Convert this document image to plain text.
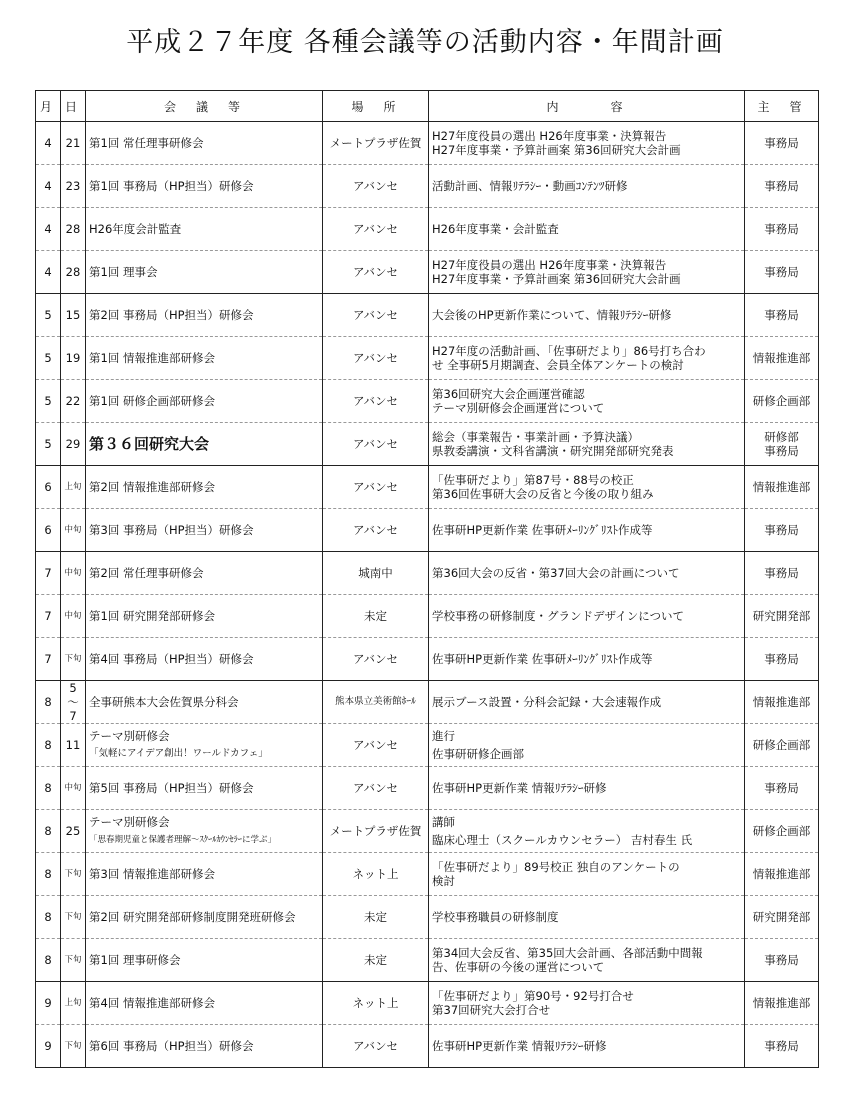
平成２７年度 各種会議等の活動内容・年間計画
月	日	会　議　等	場　所	内　　　容	主　管
4	21	第1回 常任理事研修会	メートプラザ佐賀	H27年度役員の選出 H26年度事業・決算報告
H27年度事業・予算計画案 第36回研究大会計画	事務局
4	23	第1回 事務局（HP担当）研修会	アバンセ	活動計画、情報ﾘﾃﾗｼｰ・動画ｺﾝﾃﾝﾂ研修	事務局
4	28	H26年度会計監査	アバンセ	H26年度事業・会計監査	事務局
4	28	第1回 理事会	アバンセ	H27年度役員の選出 H26年度事業・決算報告
H27年度事業・予算計画案 第36回研究大会計画	事務局
5	15	第2回 事務局（HP担当）研修会	アバンセ	大会後のHP更新作業について、情報ﾘﾃﾗｼｰ研修	事務局
5	19	第1回 情報推進部研修会	アバンセ	H27年度の活動計画、「佐事研だより」86号打ち合わ
せ 全事研5月期調査、会員全体アンケートの検討	情報推進部
5	22	第1回 研修企画部研修会	アバンセ	第36回研究大会企画運営確認
テーマ別研修会企画運営について	研修企画部
5	29	第３６回研究大会	アバンセ	総会（事業報告・事業計画・予算決議）
県教委講演・文科省講演・研究開発部研究発表	研修部
事務局

6	上旬	第2回 情報推進部研修会	アバンセ	「佐事研だより」第87号・88号の校正
第36回佐事研大会の反省と今後の取り組み	情報推進部
6	中旬	第3回 事務局（HP担当）研修会	アバンセ	佐事研HP更新作業 佐事研ﾒｰﾘﾝｸﾞﾘｽﾄ作成等	事務局
7	中旬	第2回 常任理事研修会	城南中	第36回大会の反省・第37回大会の計画について	事務局
7	中旬	第1回 研究開発部研修会	未定	学校事務の研修制度・グランドデザインについて	研究開発部
7	下旬	第4回 事務局（HP担当）研修会	アバンセ	佐事研HP更新作業 佐事研ﾒｰﾘﾝｸﾞﾘｽﾄ作成等	事務局
8	5～7	全事研熊本大会佐賀県分科会	熊本県立美術館ﾎｰﾙ	展示ブース設置・分科会記録・大会速報作成	情報推進部
8	11	テーマ別研修会
「気軽にアイデア創出！ワールドカフェ」	アバンセ	進行
佐事研研修企画部	研修企画部
8	中旬	第5回 事務局（HP担当）研修会	アバンセ	佐事研HP更新作業 情報ﾘﾃﾗｼｰ研修	事務局
8	25	テーマ別研修会
「思春期児童と保護者理解～ｽｸｰﾙｶｳﾝｾﾗｰに学ぶ」	メートプラザ佐賀	講師
臨床心理士（スクールカウンセラー） 吉村春生 氏	研修企画部
8	下旬	第3回 情報推進部研修会	ネット上	「佐事研だより」89号校正 独自のアンケートの
検討	情報推進部
8	下旬	第2回 研究開発部研修制度開発班研修会	未定	学校事務職員の研修制度	研究開発部
8	下旬	第1回 理事研修会	未定	第34回大会反省、第35回大会計画、各部活動中間報
告、佐事研の今後の運営について	事務局
9	上旬	第4回 情報推進部研修会	ネット上	「佐事研だより」第90号・92号打合せ
第37回研究大会打合せ	情報推進部
9	下旬	第6回 事務局（HP担当）研修会	アバンセ	佐事研HP更新作業 情報ﾘﾃﾗｼｰ研修	事務局
